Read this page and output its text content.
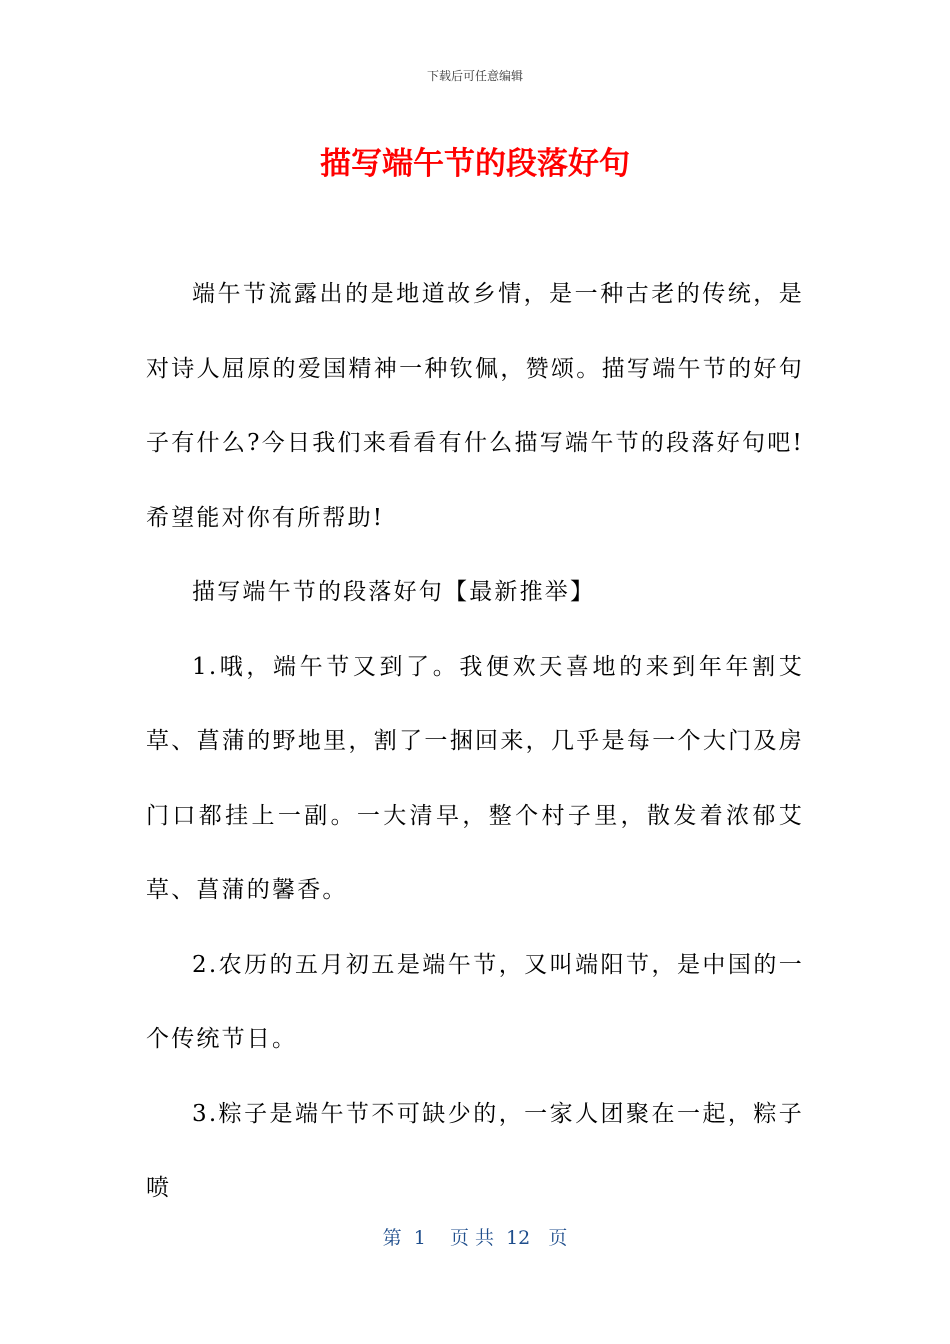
下载后可任意编辑
描写端午节的段落好句

端午节流露出的是地道故乡情，是一种古老的传统，是对诗人屈原的爱国精神一种钦佩，赞颂。描写端午节的好句子有什么?今日我们来看看有什么描写端午节的段落好句吧!希望能对你有所帮助!

描写端午节的段落好句【最新推举】

1.哦，端午节又到了。我便欢天喜地的来到年年割艾草、菖蒲的野地里，割了一捆回来，几乎是每一个大门及房门口都挂上一副。一大清早，整个村子里，散发着浓郁艾草、菖蒲的馨香。

2.农历的五月初五是端午节，又叫端阳节，是中国的一个传统节日。

3.粽子是端午节不可缺少的，一家人团聚在一起，粽子喷

第  1    页 共  12   页
